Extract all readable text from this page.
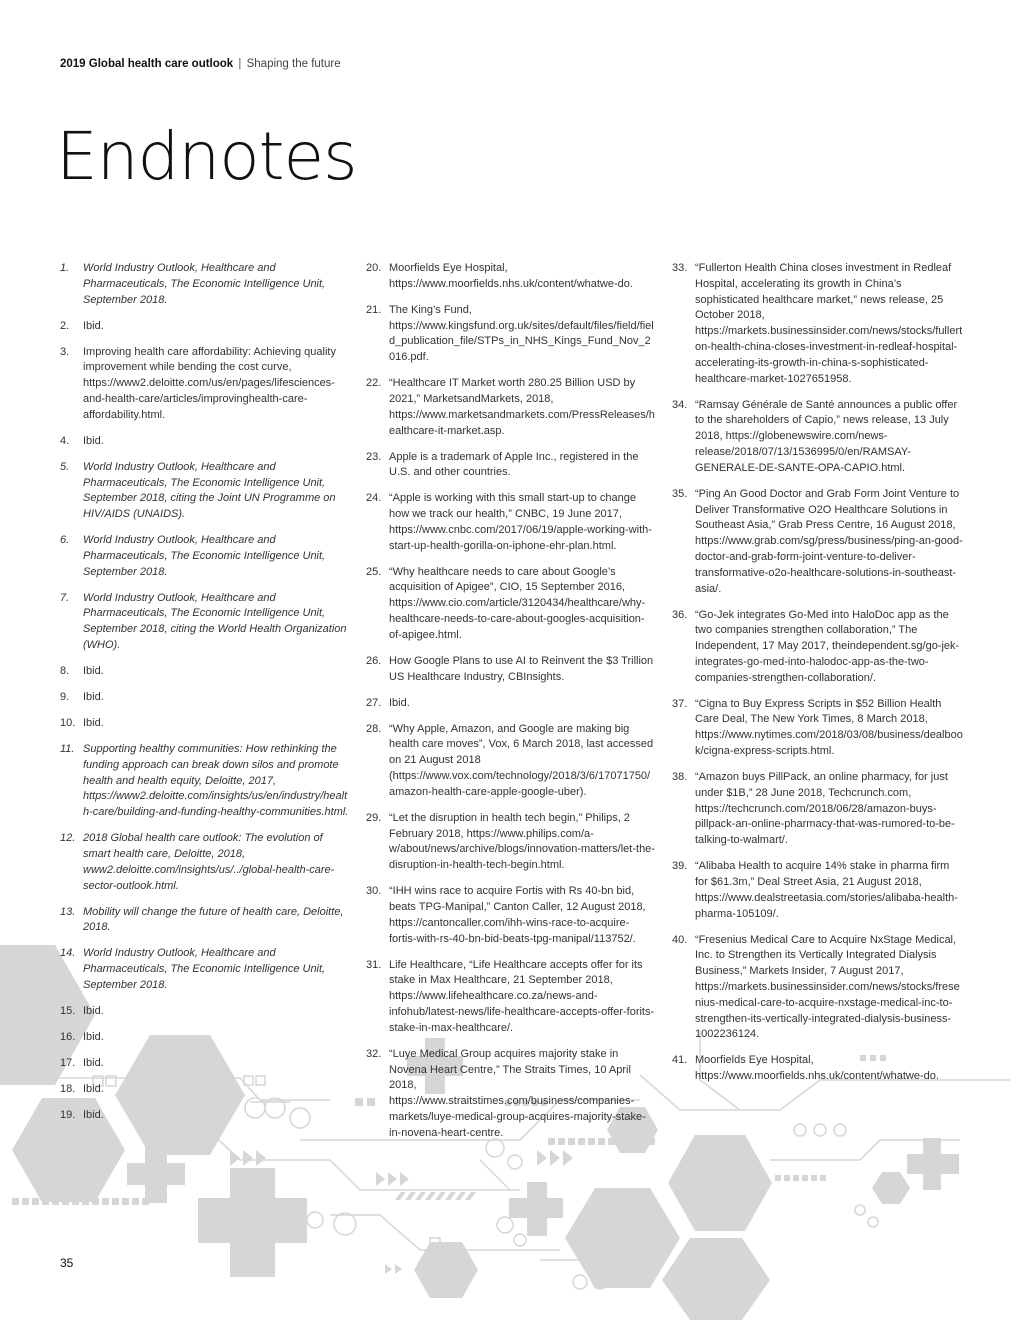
2019 Global health care outlook | Shaping the future
Endnotes
1.	World Industry Outlook, Healthcare and Pharmaceuticals, The Economic Intelligence Unit, September 2018.
2.	Ibid.
3.	Improving health care affordability: Achieving quality improvement while bending the cost curve, https://www2.deloitte.com/us/en/pages/lifesciences-and-health-care/articles/improvinghealth-care-affordability.html.
4.	Ibid.
5.	World Industry Outlook, Healthcare and Pharmaceuticals, The Economic Intelligence Unit, September 2018, citing the Joint UN Programme on HIV/AIDS (UNAIDS).
6.	World Industry Outlook, Healthcare and Pharmaceuticals, The Economic Intelligence Unit, September 2018.
7.	World Industry Outlook, Healthcare and Pharmaceuticals, The Economic Intelligence Unit, September 2018, citing the World Health Organization (WHO).
8.	Ibid.
9.	Ibid.
10. Ibid.
11. Supporting healthy communities: How rethinking the funding approach can break down silos and promote health and health equity, Deloitte, 2017, https://www2.deloitte.com/insights/us/en/industry/health-care/building-and-funding-healthy-communities.html.
12. 2018 Global health care outlook: The evolution of smart health care, Deloitte, 2018, www2.deloitte.com/insights/us/../global-health-care-sector-outlook.html.
13. Mobility will change the future of health care, Deloitte, 2018.
14. World Industry Outlook, Healthcare and Pharmaceuticals, The Economic Intelligence Unit, September 2018.
15. Ibid.
16. Ibid.
17. Ibid.
18. Ibid.
19. Ibid.
20. Moorfields Eye Hospital, https://www.moorfields.nhs.uk/content/whatwe-do.
21. The King’s Fund, https://www.kingsfund.org.uk/sites/default/files/field/field_publication_file/STPs_in_NHS_Kings_Fund_Nov_2016.pdf.
22. “Healthcare IT Market worth 280.25 Billion USD by 2021,” MarketsandMarkets, 2018, https://www.marketsandmarkets.com/PressReleases/healthcare-it-market.asp.
23. Apple is a trademark of Apple Inc., registered in the U.S. and other countries.
24. “Apple is working with this small start-up to change how we track our health,” CNBC, 19 June 2017, https://www.cnbc.com/2017/06/19/apple-working-with-start-up-health-gorilla-on-iphone-ehr-plan.html.
25. “Why healthcare needs to care about Google’s acquisition of Apigee”, CIO, 15 September 2016, https://www.cio.com/article/3120434/healthcare/why-healthcare-needs-to-care-about-googles-acquisition-of-apigee.html.
26. How Google Plans to use AI to Reinvent the $3 Trillion US Healthcare Industry, CBInsights.
27. Ibid.
28. “Why Apple, Amazon, and Google are making big health care moves”, Vox, 6 March 2018, last accessed on 21 August 2018 (https://www.vox.com/technology/2018/3/6/17071750/amazon-health-care-apple-google-uber).
29. “Let the disruption in health tech begin,” Philips, 2 February 2018, https://www.philips.com/a-w/about/news/archive/blogs/innovation-matters/let-the-disruption-in-health-tech-begin.html.
30. “IHH wins race to acquire Fortis with Rs 40-bn bid, beats TPG-Manipal,” Canton Caller, 12 August 2018, https://cantoncaller.com/ihh-wins-race-to-acquire-fortis-with-rs-40-bn-bid-beats-tpg-manipal/113752/.
31. Life Healthcare, “Life Healthcare accepts offer for its stake in Max Healthcare, 21 September 2018, https://www.lifehealthcare.co.za/news-and-infohub/latest-news/life-healthcare-accepts-offer-forits-stake-in-max-healthcare/.
32. “Luye Medical Group acquires majority stake in Novena Heart Centre,” The Straits Times, 10 April 2018, https://www.straitstimes.com/business/companies-markets/luye-medical-group-acquires-majority-stake-in-novena-heart-centre.
33. “Fullerton Health China closes investment in Redleaf Hospital, accelerating its growth in China’s sophisticated healthcare market,” news release, 25 October 2018, https://markets.businessinsider.com/news/stocks/fullerton-health-china-closes-investment-in-redleaf-hospital-accelerating-its-growth-in-china-s-sophisticated-healthcare-market-1027651958.
34. “Ramsay Générale de Santé announces a public offer to the shareholders of Capio,” news release, 13 July 2018, https://globenewswire.com/news-release/2018/07/13/1536995/0/en/RAMSAY-GENERALE-DE-SANTE-OPA-CAPIO.html.
35. “Ping An Good Doctor and Grab Form Joint Venture to Deliver Transformative O2O Healthcare Solutions in Southeast Asia,” Grab Press Centre, 16 August 2018, https://www.grab.com/sg/press/business/ping-an-good-doctor-and-grab-form-joint-venture-to-deliver-transformative-o2o-healthcare-solutions-in-southeast-asia/.
36. “Go-Jek integrates Go-Med into HaloDoc app as the two companies strengthen collaboration,” The Independent, 17 May 2017, theindependent.sg/go-jek-integrates-go-med-into-halodoc-app-as-the-two-companies-strengthen-collaboration/.
37. “Cigna to Buy Express Scripts in $52 Billion Health Care Deal, The New York Times, 8 March 2018, https://www.nytimes.com/2018/03/08/business/dealbook/cigna-express-scripts.html.
38. “Amazon buys PillPack, an online pharmacy, for just under $1B,” 28 June 2018, Techcrunch.com, https://techcrunch.com/2018/06/28/amazon-buys-pillpack-an-online-pharmacy-that-was-rumored-to-be-talking-to-walmart/.
39. “Alibaba Health to acquire 14% stake in pharma firm for $61.3m,” Deal Street Asia, 21 August 2018, https://www.dealstreetasia.com/stories/alibaba-health-pharma-105109/.
40. “Fresenius Medical Care to Acquire NxStage Medical, Inc. to Strengthen its Vertically Integrated Dialysis Business,” Markets Insider, 7 August 2017, https://markets.businessinsider.com/news/stocks/fresenius-medical-care-to-acquire-nxstage-medical-inc-to-strengthen-its-vertically-integrated-dialysis-business-1002236124.
41. Moorfields Eye Hospital, https://www.moorfields.nhs.uk/content/whatwe-do.
35
